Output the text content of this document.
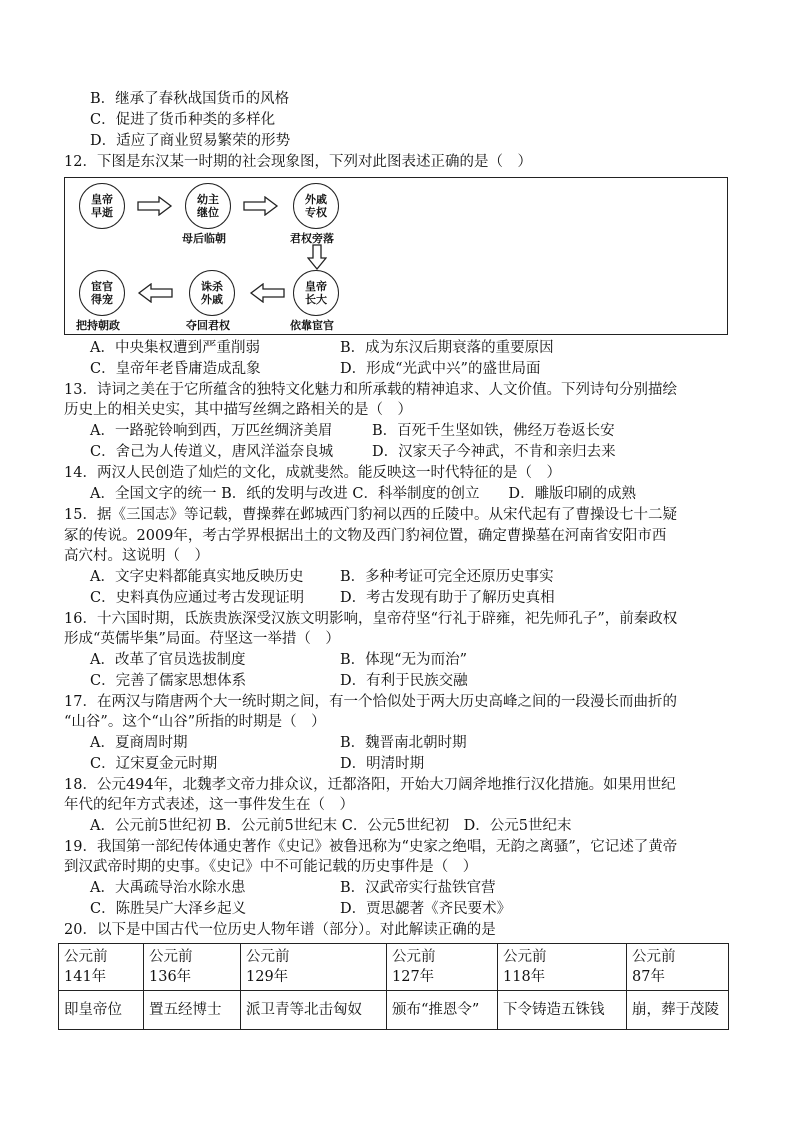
B．继承了春秋战国货币的风格
C．促进了货币种类的多样化
D．适应了商业贸易繁荣的形势
12．下图是东汉某一时期的社会现象图，下列对此图表述正确的是（　）
皇帝
早逝
幼主
继位
母后临朝
外戚
专权
君权旁落
宦官
得宠
把持朝政
诛杀
外戚
夺回君权
皇帝
长大
依靠宦官
A．中央集权遭到严重削弱	B．成为东汉后期衰落的重要原因
C．皇帝年老昏庸造成乱象	D．形成“光武中兴”的盛世局面
13．诗词之美在于它所蕴含的独特文化魅力和所承载的精神追求、人文价值。下列诗句分别描绘
历史上的相关史实，其中描写丝绸之路相关的是（　）
A．一路驼铃响到西，万匹丝绸济美眉	B．百死千生坚如铁，佛经万卷返长安
C．舍己为人传道义，唐风洋溢奈良城	D．汉家天子今神武，不肯和亲归去来
14．两汉人民创造了灿烂的文化，成就斐然。能反映这一时代特征的是（　）
A．全国文字的统一 B．纸的发明与改进 C．科举制度的创立　　D．雕版印刷的成熟
15．据《三国志》等记载，曹操葬在邺城西门豹祠以西的丘陵中。从宋代起有了曹操设七十二疑
冢的传说。2009年，考古学界根据出土的文物及西门豹祠位置，确定曹操墓在河南省安阳市西
高穴村。这说明（　）
A．文字史料都能真实地反映历史	B．多种考证可完全还原历史事实
C．史料真伪应通过考古发现证明 D．考古发现有助于了解历史真相
16．十六国时期，氐族贵族深受汉族文明影响，皇帝苻坚“行礼于辟雍，祀先师孔子”，前秦政权
形成“英儒毕集”局面。苻坚这一举措（　）
A．改革了官员选拔制度	B．体现“无为而治”
C．完善了儒家思想体系	D．有利于民族交融
17．在两汉与隋唐两个大一统时期之间，有一个恰似处于两大历史高峰之间的一段漫长而曲折的
“山谷”。这个“山谷”所指的时期是（　）
A．夏商周时期	B．魏晋南北朝时期
C．辽宋夏金元时期	D．明清时期
18．公元494年，北魏孝文帝力排众议，迁都洛阳，开始大刀阔斧地推行汉化措施。如果用世纪
年代的纪年方式表述，这一事件发生在（　）
A．公元前5世纪初 B．公元前5世纪末 C．公元5世纪初　D．公元5世纪末
19．我国第一部纪传体通史著作《史记》被鲁迅称为“史家之绝唱，无韵之离骚”，它记述了黄帝
到汉武帝时期的史事。《史记》中不可能记载的历史事件是（　）
A．大禹疏导治水除水患	B．汉武帝实行盐铁官营
C．陈胜吴广大泽乡起义	D．贾思勰著《齐民要术》
20．以下是中国古代一位历史人物年谱（部分）。对此解读正确的是
公元前
141年	公元前
136年	公元前
129年	公元前
127年	公元前
118年	公元前
87年
即皇帝位	置五经博士	派卫青等北击匈奴	颁布“推恩令”	下令铸造五铢钱	崩，葬于茂陵
